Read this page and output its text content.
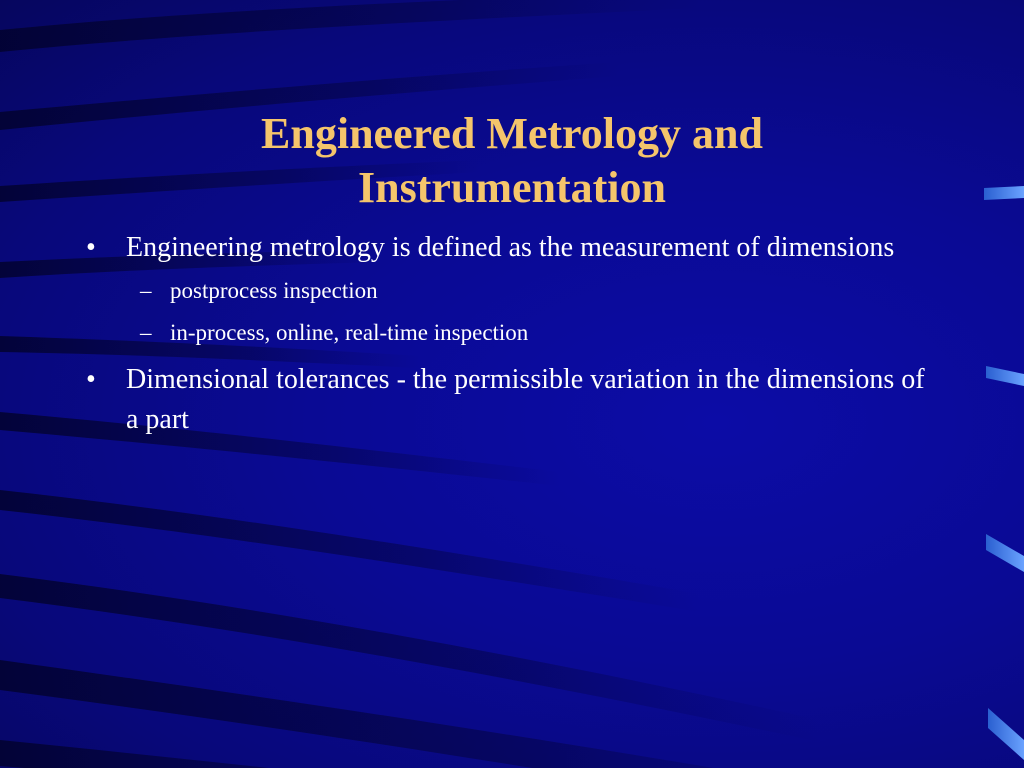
Engineered Metrology and
Instrumentation
• Engineering metrology is defined as the measurement of dimensions
– postprocess inspection
– in-process, online, real-time inspection
• Dimensional tolerances - the permissible variation in the dimensions of a part
